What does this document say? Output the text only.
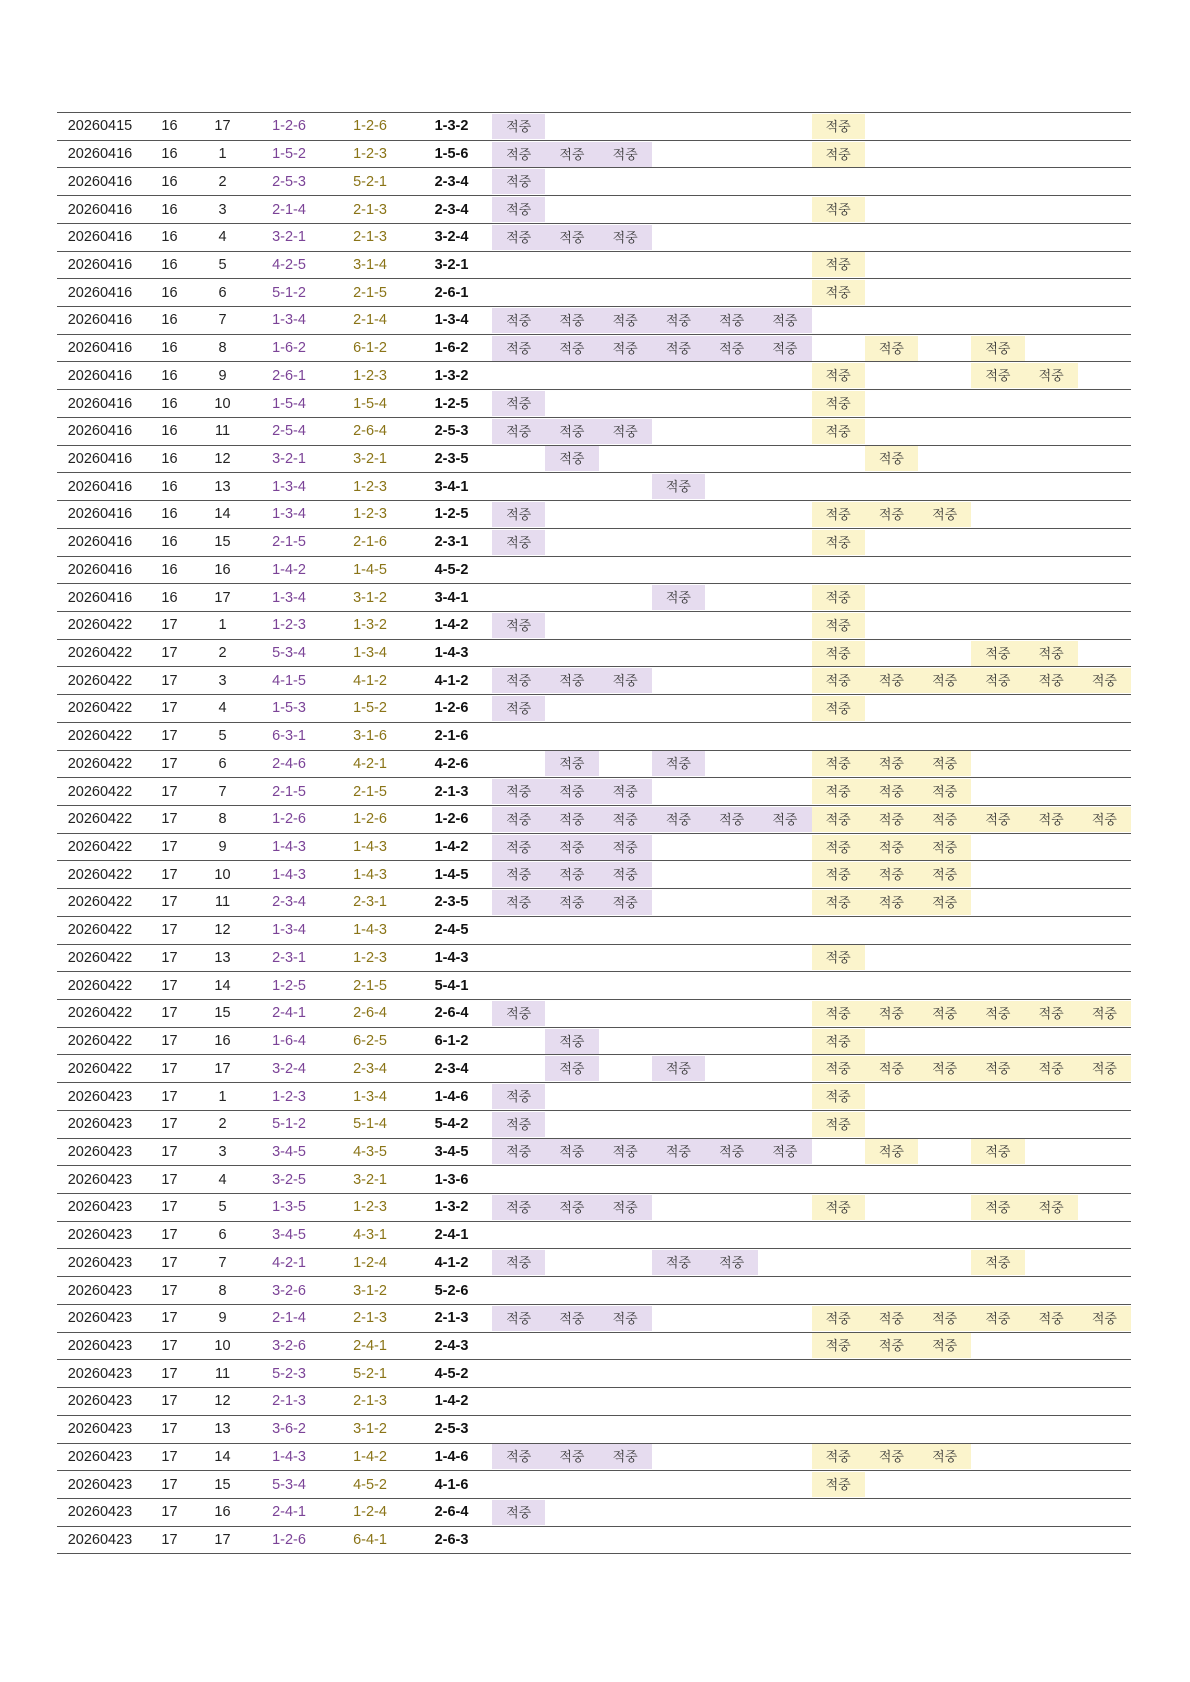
20260415	16	17	1-2-6	1-2-6	1-3-2	적중						적중					

20260416	16	1	1-5-2	1-2-3	1-5-6	적중	적중	적중				적중					

20260416	16	2	2-5-3	5-2-1	2-3-4	적중											

20260416	16	3	2-1-4	2-1-3	2-3-4	적중						적중					

20260416	16	4	3-2-1	2-1-3	3-2-4	적중	적중	적중									

20260416	16	5	4-2-5	3-1-4	3-2-1							적중					

20260416	16	6	5-1-2	2-1-5	2-6-1							적중					

20260416	16	7	1-3-4	2-1-4	1-3-4	적중	적중	적중	적중	적중	적중						

20260416	16	8	1-6-2	6-1-2	1-6-2	적중	적중	적중	적중	적중	적중		적중		적중		

20260416	16	9	2-6-1	1-2-3	1-3-2							적중			적중	적중	

20260416	16	10	1-5-4	1-5-4	1-2-5	적중						적중					

20260416	16	11	2-5-4	2-6-4	2-5-3	적중	적중	적중				적중					

20260416	16	12	3-2-1	3-2-1	2-3-5		적중						적중				

20260416	16	13	1-3-4	1-2-3	3-4-1				적중								

20260416	16	14	1-3-4	1-2-3	1-2-5	적중						적중	적중	적중			

20260416	16	15	2-1-5	2-1-6	2-3-1	적중						적중					

20260416	16	16	1-4-2	1-4-5	4-5-2	

20260416	16	17	1-3-4	3-1-2	3-4-1				적중			적중					

20260422	17	1	1-2-3	1-3-2	1-4-2	적중						적중					

20260422	17	2	5-3-4	1-3-4	1-4-3							적중			적중	적중	

20260422	17	3	4-1-5	4-1-2	4-1-2	적중	적중	적중				적중	적중	적중	적중	적중	적중

20260422	17	4	1-5-3	1-5-2	1-2-6	적중						적중					

20260422	17	5	6-3-1	3-1-6	2-1-6	

20260422	17	6	2-4-6	4-2-1	4-2-6		적중		적중			적중	적중	적중			

20260422	17	7	2-1-5	2-1-5	2-1-3	적중	적중	적중				적중	적중	적중			

20260422	17	8	1-2-6	1-2-6	1-2-6	적중	적중	적중	적중	적중	적중	적중	적중	적중	적중	적중	적중

20260422	17	9	1-4-3	1-4-3	1-4-2	적중	적중	적중				적중	적중	적중			

20260422	17	10	1-4-3	1-4-3	1-4-5	적중	적중	적중				적중	적중	적중			

20260422	17	11	2-3-4	2-3-1	2-3-5	적중	적중	적중				적중	적중	적중			

20260422	17	12	1-3-4	1-4-3	2-4-5	

20260422	17	13	2-3-1	1-2-3	1-4-3							적중					

20260422	17	14	1-2-5	2-1-5	5-4-1	

20260422	17	15	2-4-1	2-6-4	2-6-4	적중						적중	적중	적중	적중	적중	적중

20260422	17	16	1-6-4	6-2-5	6-1-2		적중					적중					

20260422	17	17	3-2-4	2-3-4	2-3-4		적중		적중			적중	적중	적중	적중	적중	적중

20260423	17	1	1-2-3	1-3-4	1-4-6	적중						적중					

20260423	17	2	5-1-2	5-1-4	5-4-2	적중						적중					

20260423	17	3	3-4-5	4-3-5	3-4-5	적중	적중	적중	적중	적중	적중		적중		적중		

20260423	17	4	3-2-5	3-2-1	1-3-6	

20260423	17	5	1-3-5	1-2-3	1-3-2	적중	적중	적중				적중			적중	적중	

20260423	17	6	3-4-5	4-3-1	2-4-1	

20260423	17	7	4-2-1	1-2-4	4-1-2	적중			적중	적중					적중		

20260423	17	8	3-2-6	3-1-2	5-2-6	

20260423	17	9	2-1-4	2-1-3	2-1-3	적중	적중	적중				적중	적중	적중	적중	적중	적중

20260423	17	10	3-2-6	2-4-1	2-4-3							적중	적중	적중			

20260423	17	11	5-2-3	5-2-1	4-5-2	

20260423	17	12	2-1-3	2-1-3	1-4-2	

20260423	17	13	3-6-2	3-1-2	2-5-3	

20260423	17	14	1-4-3	1-4-2	1-4-6	적중	적중	적중				적중	적중	적중			

20260423	17	15	5-3-4	4-5-2	4-1-6							적중					

20260423	17	16	2-4-1	1-2-4	2-6-4	적중											

20260423	17	17	1-2-6	6-4-1	2-6-3	
